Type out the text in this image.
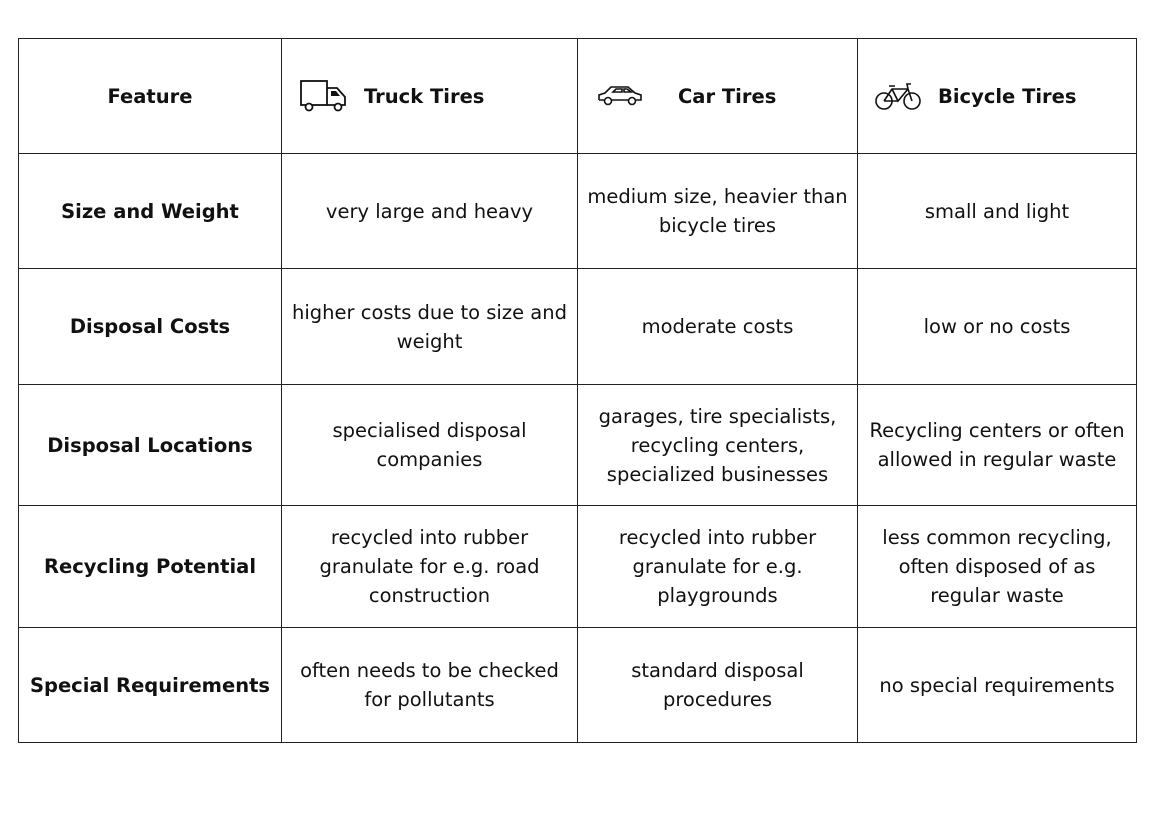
Feature	Truck Tires	Car Tires	Bicycle Tires

Size and Weight	very large and heavy	medium size, heavier than bicycle tires	small and light
Disposal Costs	higher costs due to size and weight	moderate costs	low or no costs
Disposal Locations	specialised disposal companies	garages, tire specialists, recycling centers, specialized businesses	Recycling centers or often allowed in regular waste
Recycling Potential	recycled into rubber granulate for e.g. road construction	recycled into rubber granulate for e.g. playgrounds	less common recycling, often disposed of as regular waste
Special Requirements	often needs to be checked for pollutants	standard disposal procedures	no special requirements
